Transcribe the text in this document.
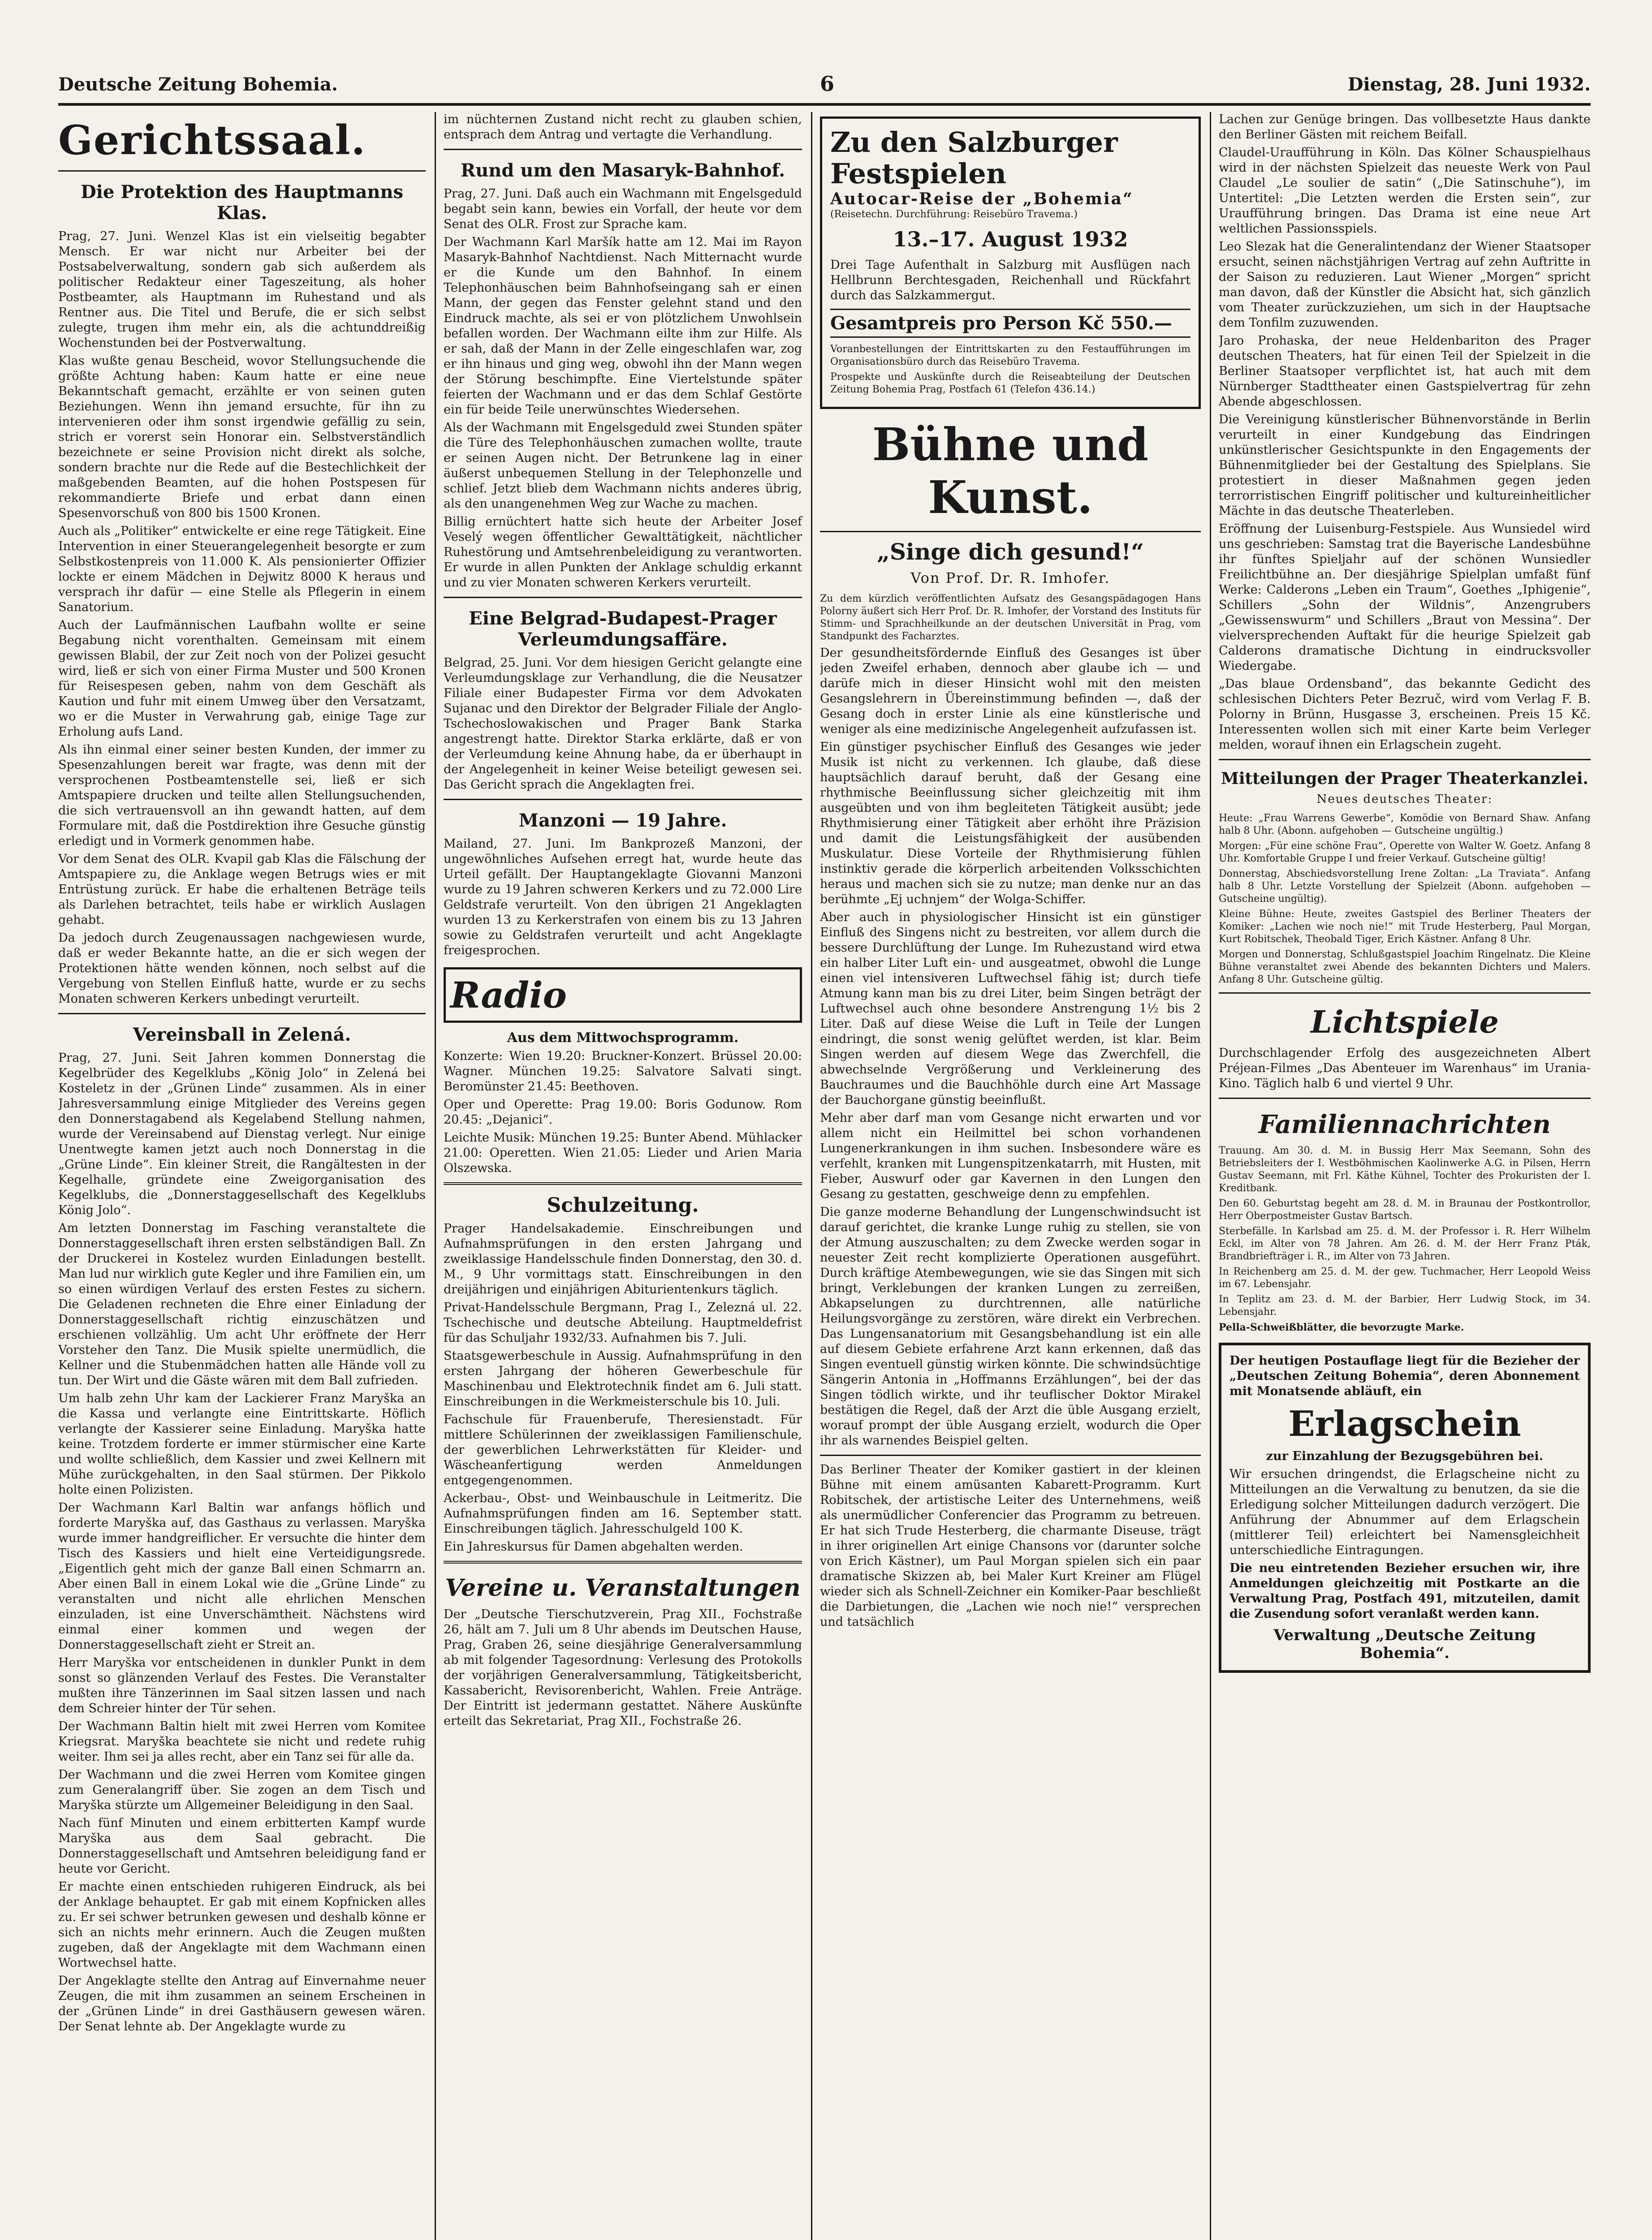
Deutsche Zeitung Bohemia.	6	Dienstag, 28. Juni 1932.
Gerichtssaal.
Die Protektion des Hauptmanns Klas.

Prag, 27. Juni. Wenzel Klas ist ein vielseitig begabter Mensch. Er war nicht nur Arbeiter bei der Postsabelverwaltung, sondern gab sich außerdem als politischer Redakteur einer Tageszeitung, als hoher Postbeamter, als Hauptmann im Ruhestand und als Rentner aus. Die Titel und Berufe, die er sich selbst zulegte, trugen ihm mehr ein, als die achtunddreißig Wochenstunden bei der Postverwaltung.

Klas wußte genau Bescheid, wovor Stellungsuchende die größte Achtung haben: Kaum hatte er eine neue Bekanntschaft gemacht, erzählte er von seinen guten Beziehungen. Wenn ihn jemand ersuchte, für ihn zu intervenieren oder ihm sonst irgendwie gefällig zu sein, strich er vorerst sein Honorar ein. Selbstverständlich bezeichnete er seine Provision nicht direkt als solche, sondern brachte nur die Rede auf die Bestechlichkeit der maßgebenden Beamten, auf die hohen Postspesen für rekommandierte Briefe und erbat dann einen Spesenvorschuß von 800 bis 1500 Kronen.

Auch als „Politiker“ entwickelte er eine rege Tätigkeit. Eine Intervention in einer Steuerangelegenheit besorgte er zum Selbstkostenpreis von 11.000 K. Als pensionierter Offizier lockte er einem Mädchen in Dejwitz 8000 K heraus und versprach ihr dafür — eine Stelle als Pflegerin in einem Sanatorium.

Auch der Laufmännischen Laufbahn wollte er seine Begabung nicht vorenthalten. Gemeinsam mit einem gewissen Blabil, der zur Zeit noch von der Polizei gesucht wird, ließ er sich von einer Firma Muster und 500 Kronen für Reisespesen geben, nahm von dem Geschäft als Kaution und fuhr mit einem Umweg über den Versatzamt, wo er die Muster in Verwahrung gab, einige Tage zur Erholung aufs Land.

Als ihn einmal einer seiner besten Kunden, der immer zu Spesenzahlungen bereit war fragte, was denn mit der versprochenen Postbeamtenstelle sei, ließ er sich Amtspapiere drucken und teilte allen Stellungsuchenden, die sich vertrauensvoll an ihn gewandt hatten, auf dem Formulare mit, daß die Postdirektion ihre Gesuche günstig erledigt und in Vormerk genommen habe.

Vor dem Senat des OLR. Kvapil gab Klas die Fälschung der Amtspapiere zu, die Anklage wegen Betrugs wies er mit Entrüstung zurück. Er habe die erhaltenen Beträge teils als Darlehen betrachtet, teils habe er wirklich Auslagen gehabt.

Da jedoch durch Zeugenaussagen nachgewiesen wurde, daß er weder Bekannte hatte, an die er sich wegen der Protektionen hätte wenden können, noch selbst auf die Vergebung von Stellen Einfluß hatte, wurde er zu sechs Monaten schweren Kerkers unbedingt verurteilt.

Vereinsball in Zelená.

Prag, 27. Juni. Seit Jahren kommen Donnerstag die Kegelbrüder des Kegelklubs „König Jolo“ in Zelená bei Kosteletz in der „Grünen Linde“ zusammen. Als in einer Jahresversammlung einige Mitglieder des Vereins gegen den Donnerstagabend als Kegelabend Stellung nahmen, wurde der Vereinsabend auf Dienstag verlegt. Nur einige Unentwegte kamen jetzt auch noch Donnerstag in die „Grüne Linde“. Ein kleiner Streit, die Rangältesten in der Kegelhalle, gründete eine Zweigorganisation des Kegelklubs, die „Donnerstaggesellschaft des Kegelklubs König Jolo“.

Am letzten Donnerstag im Fasching veranstaltete die Donnerstaggesellschaft ihren ersten selbständigen Ball. Zn der Druckerei in Kostelez wurden Einladungen bestellt. Man lud nur wirklich gute Kegler und ihre Familien ein, um so einen würdigen Verlauf des ersten Festes zu sichern. Die Geladenen rechneten die Ehre einer Einladung der Donnerstaggesellschaft richtig einzuschätzen und erschienen vollzählig. Um acht Uhr eröffnete der Herr Vorsteher den Tanz. Die Musik spielte unermüdlich, die Kellner und die Stubenmädchen hatten alle Hände voll zu tun. Der Wirt und die Gäste wären mit dem Ball zufrieden.

Um halb zehn Uhr kam der Lackierer Franz Maryška an die Kassa und verlangte eine Eintrittskarte. Höflich verlangte der Kassierer seine Einladung. Maryška hatte keine. Trotzdem forderte er immer stürmischer eine Karte und wollte schließlich, dem Kassier und zwei Kellnern mit Mühe zurückgehalten, in den Saal stürmen. Der Pikkolo holte einen Polizisten.

Der Wachmann Karl Baltin war anfangs höflich und forderte Maryška auf, das Gasthaus zu verlassen. Maryška wurde immer handgreiflicher. Er versuchte die hinter dem Tisch des Kassiers und hielt eine Verteidigungsrede. „Eigentlich geht mich der ganze Ball einen Schmarrn an. Aber einen Ball in einem Lokal wie die „Grüne Linde“ zu veranstalten und nicht alle ehrlichen Menschen einzuladen, ist eine Unverschämtheit. Nächstens wird einmal einer kommen und wegen der Donnerstaggesellschaft zieht er Streit an.

Herr Maryška vor entscheidenen in dunkler Punkt in dem sonst so glänzenden Verlauf des Festes. Die Veranstalter mußten ihre Tänzerinnen im Saal sitzen lassen und nach dem Schreier hinter der Tür sehen.

Der Wachmann Baltin hielt mit zwei Herren vom Komitee Kriegsrat. Maryška beachtete sie nicht und redete ruhig weiter. Ihm sei ja alles recht, aber ein Tanz sei für alle da.

Der Wachmann und die zwei Herren vom Komitee gingen zum Generalangriff über. Sie zogen an dem Tisch und Maryška stürzte um Allgemeiner Beleidigung in den Saal.

Nach fünf Minuten und einem erbitterten Kampf wurde Maryška aus dem Saal gebracht. Die Donnerstaggesellschaft und Amtsehren beleidigung fand er heute vor Gericht.

Er machte einen entschieden ruhigeren Eindruck, als bei der Anklage behauptet. Er gab mit einem Kopfnicken alles zu. Er sei schwer betrunken gewesen und deshalb könne er sich an nichts mehr erinnern. Auch die Zeugen mußten zugeben, daß der Angeklagte mit dem Wachmann einen Wortwechsel hatte.

Der Angeklagte stellte den Antrag auf Einvernahme neuer Zeugen, die mit ihm zusammen an seinem Erscheinen in der „Grünen Linde“ in drei Gasthäusern gewesen wären. Der Senat lehnte ab. Der Angeklagte wurde zu

im nüchternen Zustand nicht recht zu glauben schien, entsprach dem Antrag und vertagte die Verhandlung.

Rund um den Masaryk-Bahnhof.

Prag, 27. Juni. Daß auch ein Wachmann mit Engelsgeduld begabt sein kann, bewies ein Vorfall, der heute vor dem Senat des OLR. Frost zur Sprache kam.

Der Wachmann Karl Maršík hatte am 12. Mai im Rayon Masaryk-Bahnhof Nachtdienst. Nach Mitternacht wurde er die Kunde um den Bahnhof. In einem Telephonhäuschen beim Bahnhofseingang sah er einen Mann, der gegen das Fenster gelehnt stand und den Eindruck machte, als sei er von plötzlichem Unwohlsein befallen worden. Der Wachmann eilte ihm zur Hilfe. Als er sah, daß der Mann in der Zelle eingeschlafen war, zog er ihn hinaus und ging weg, obwohl ihn der Mann wegen der Störung beschimpfte. Eine Viertelstunde später feierten der Wachmann und er das dem Schlaf Gestörte ein für beide Teile unerwünschtes Wiedersehen.

Als der Wachmann mit Engelsgeduld zwei Stunden später die Türe des Telephonhäuschen zumachen wollte, traute er seinen Augen nicht. Der Betrunkene lag in einer äußerst unbequemen Stellung in der Telephonzelle und schlief. Jetzt blieb dem Wachmann nichts anderes übrig, als den unangenehmen Weg zur Wache zu machen.

Billig ernüchtert hatte sich heute der Arbeiter Josef Veselý wegen öffentlicher Gewalttätigkeit, nächtlicher Ruhestörung und Amtsehrenbeleidigung zu verantworten. Er wurde in allen Punkten der Anklage schuldig erkannt und zu vier Monaten schweren Kerkers verurteilt.

Eine Belgrad-Budapest-Prager Verleumdungsaffäre.

Belgrad, 25. Juni. Vor dem hiesigen Gericht gelangte eine Verleumdungsklage zur Verhandlung, die die Neusatzer Filiale einer Budapester Firma vor dem Advokaten Sujanac und den Direktor der Belgrader Filiale der Anglo-Tschechoslowakischen und Prager Bank Starka angestrengt hatte. Direktor Starka erklärte, daß er von der Verleumdung keine Ahnung habe, da er überhaupt in der Angelegenheit in keiner Weise beteiligt gewesen sei. Das Gericht sprach die Angeklagten frei.

Manzoni — 19 Jahre.

Mailand, 27. Juni. Im Bankprozeß Manzoni, der ungewöhnliches Aufsehen erregt hat, wurde heute das Urteil gefällt. Der Hauptangeklagte Giovanni Manzoni wurde zu 19 Jahren schweren Kerkers und zu 72.000 Lire Geldstrafe verurteilt. Von den übrigen 21 Angeklagten wurden 13 zu Kerkerstrafen von einem bis zu 13 Jahren sowie zu Geldstrafen verurteilt und acht Angeklagte freigesprochen.

Radio
Aus dem Mittwochsprogramm.

Konzerte: Wien 19.20: Bruckner-Konzert. Brüssel 20.00: Wagner. München 19.25: Salvatore Salvati singt. Beromünster 21.45: Beethoven.

Oper und Operette: Prag 19.00: Boris Godunow. Rom 20.45: „Dejanici“.

Leichte Musik: München 19.25: Bunter Abend. Mühlacker 21.00: Operetten. Wien 21.05: Lieder und Arien Maria Olszewska.

Schulzeitung.

Prager Handelsakademie. Einschreibungen und Aufnahmsprüfungen in den ersten Jahrgang und zweiklassige Handelsschule finden Donnerstag, den 30. d. M., 9 Uhr vormittags statt. Einschreibungen in den dreijährigen und einjährigen Abiturientenkurs täglich.

Privat-Handelsschule Bergmann, Prag I., Zelezná ul. 22. Tschechische und deutsche Abteilung. Hauptmeldefrist für das Schuljahr 1932/33. Aufnahmen bis 7. Juli.

Staatsgewerbeschule in Aussig. Aufnahmsprüfung in den ersten Jahrgang der höheren Gewerbeschule für Maschinenbau und Elektrotechnik findet am 6. Juli statt. Einschreibungen in die Werkmeisterschule bis 10. Juli.

Fachschule für Frauenberufe, Theresienstadt. Für mittlere Schülerinnen der zweiklassigen Familienschule, der gewerblichen Lehrwerkstätten für Kleider- und Wäscheanfertigung werden Anmeldungen entgegengenommen.

Ackerbau-, Obst- und Weinbauschule in Leitmeritz. Die Aufnahmsprüfungen finden am 16. September statt. Einschreibungen täglich. Jahresschulgeld 100 K.

Ein Jahreskursus für Damen abgehalten werden.

Vereine u. Veranstaltungen

Der „Deutsche Tierschutzverein, Prag XII., Fochstraße 26, hält am 7. Juli um 8 Uhr abends im Deutschen Hause, Prag, Graben 26, seine diesjährige Generalversammlung ab mit folgender Tagesordnung: Verlesung des Protokolls der vorjährigen Generalversammlung, Tätigkeitsbericht, Kassabericht, Revisorenbericht, Wahlen. Freie Anträge. Der Eintritt ist jedermann gestattet. Nähere Auskünfte erteilt das Sekretariat, Prag XII., Fochstraße 26.

Zu den Salzburger Festspielen
Autocar-Reise der „Bohemia“
(Reisetechn. Durchführung: Reisebüro Travema.)
13.–17. August 1932

Drei Tage Aufenthalt in Salzburg mit Ausflügen nach Hellbrunn Berchtesgaden, Reichenhall und Rückfahrt durch das Salzkammergut.

Gesamtpreis pro Person Kč 550.—

Voranbestellungen der Eintrittskarten zu den Festaufführungen im Organisationsbüro durch das Reisebüro Travema.

Prospekte und Auskünfte durch die Reiseabteilung der Deutschen Zeitung Bohemia Prag, Postfach 61 (Telefon 436.14.)

Bühne und Kunst.
„Singe dich gesund!“
Von Prof. Dr. R. Imhofer.

Zu dem kürzlich veröffentlichten Aufsatz des Gesangspädagogen Hans Polorny äußert sich Herr Prof. Dr. R. Imhofer, der Vorstand des Instituts für Stimm- und Sprachheilkunde an der deutschen Universität in Prag, vom Standpunkt des Facharztes.

Der gesundheitsfördernde Einfluß des Gesanges ist über jeden Zweifel erhaben, dennoch aber glaube ich — und darüfe mich in dieser Hinsicht wohl mit den meisten Gesangslehrern in Übereinstimmung befinden —, daß der Gesang doch in erster Linie als eine künstlerische und weniger als eine medizinische Angelegenheit aufzufassen ist.

Ein günstiger psychischer Einfluß des Gesanges wie jeder Musik ist nicht zu verkennen. Ich glaube, daß diese hauptsächlich darauf beruht, daß der Gesang eine rhythmische Beeinflussung sicher gleichzeitig mit ihm ausgeübten und von ihm begleiteten Tätigkeit ausübt; jede Rhythmisierung einer Tätigkeit aber erhöht ihre Präzision und damit die Leistungsfähigkeit der ausübenden Muskulatur. Diese Vorteile der Rhythmisierung fühlen instinktiv gerade die körperlich arbeitenden Volksschichten heraus und machen sich sie zu nutze; man denke nur an das berühmte „Ej uchnjem“ der Wolga-Schiffer.

Aber auch in physiologischer Hinsicht ist ein günstiger Einfluß des Singens nicht zu bestreiten, vor allem durch die bessere Durchlüftung der Lunge. Im Ruhezustand wird etwa ein halber Liter Luft ein- und ausgeatmet, obwohl die Lunge einen viel intensiveren Luftwechsel fähig ist; durch tiefe Atmung kann man bis zu drei Liter, beim Singen beträgt der Luftwechsel auch ohne besondere Anstrengung 1½ bis 2 Liter. Daß auf diese Weise die Luft in Teile der Lungen eindringt, die sonst wenig gelüftet werden, ist klar. Beim Singen werden auf diesem Wege das Zwerchfell, die abwechselnde Vergrößerung und Verkleinerung des Bauchraumes und die Bauchhöhle durch eine Art Massage der Bauchorgane günstig beeinflußt.

Mehr aber darf man vom Gesange nicht erwarten und vor allem nicht ein Heilmittel bei schon vorhandenen Lungenerkrankungen in ihm suchen. Insbesondere wäre es verfehlt, kranken mit Lungenspitzenkatarrh, mit Husten, mit Fieber, Auswurf oder gar Kavernen in den Lungen den Gesang zu gestatten, geschweige denn zu empfehlen.

Die ganze moderne Behandlung der Lungenschwindsucht ist darauf gerichtet, die kranke Lunge ruhig zu stellen, sie von der Atmung auszuschalten; zu dem Zwecke werden sogar in neuester Zeit recht komplizierte Operationen ausgeführt. Durch kräftige Atembewegungen, wie sie das Singen mit sich bringt, Verklebungen der kranken Lungen zu zerreißen, Abkapselungen zu durchtrennen, alle natürliche Heilungsvorgänge zu zerstören, wäre direkt ein Verbrechen. Das Lungensanatorium mit Gesangsbehandlung ist ein alle auf diesem Gebiete erfahrene Arzt kann erkennen, daß das Singen eventuell günstig wirken könnte. Die schwindsüchtige Sängerin Antonia in „Hoffmanns Erzählungen“, bei der das Singen tödlich wirkte, und ihr teuflischer Doktor Mirakel bestätigen die Regel, daß der Arzt die üble Ausgang erzielt, worauf prompt der üble Ausgang erzielt, wodurch die Oper ihr als warnendes Beispiel gelten.

Das Berliner Theater der Komiker gastiert in der kleinen Bühne mit einem amüsanten Kabarett-Programm. Kurt Robitschek, der artistische Leiter des Unternehmens, weiß als unermüdlicher Conferencier das Programm zu betreuen. Er hat sich Trude Hesterberg, die charmante Diseuse, trägt in ihrer originellen Art einige Chansons vor (darunter solche von Erich Kästner), um Paul Morgan spielen sich ein paar dramatische Skizzen ab, bei Maler Kurt Kreiner am Flügel wieder sich als Schnell-Zeichner ein Komiker-Paar beschließt die Darbietungen, die „Lachen wie noch nie!“ versprechen und tatsächlich

Lachen zur Genüge bringen. Das vollbesetzte Haus dankte den Berliner Gästen mit reichem Beifall.

Claudel-Uraufführung in Köln. Das Kölner Schauspielhaus wird in der nächsten Spielzeit das neueste Werk von Paul Claudel „Le soulier de satin“ („Die Satinschuhe“), im Untertitel: „Die Letzten werden die Ersten sein“, zur Uraufführung bringen. Das Drama ist eine neue Art weltlichen Passionsspiels.

Leo Slezak hat die Generalintendanz der Wiener Staatsoper ersucht, seinen nächstjährigen Vertrag auf zehn Auftritte in der Saison zu reduzieren. Laut Wiener „Morgen“ spricht man davon, daß der Künstler die Absicht hat, sich gänzlich vom Theater zurückzuziehen, um sich in der Hauptsache dem Tonfilm zuzuwenden.

Jaro Prohaska, der neue Heldenbariton des Prager deutschen Theaters, hat für einen Teil der Spielzeit in die Berliner Staatsoper verpflichtet ist, hat auch mit dem Nürnberger Stadttheater einen Gastspielvertrag für zehn Abende abgeschlossen.

Die Vereinigung künstlerischer Bühnenvorstände in Berlin verurteilt in einer Kundgebung das Eindringen unkünstlerischer Gesichtspunkte in den Engagements der Bühnenmitglieder bei der Gestaltung des Spielplans. Sie protestiert in dieser Maßnahmen gegen jeden terrorristischen Eingriff politischer und kultureinheitlicher Mächte in das deutsche Theaterleben.

Eröffnung der Luisenburg-Festspiele. Aus Wunsiedel wird uns geschrieben: Samstag trat die Bayerische Landesbühne ihr fünftes Spieljahr auf der schönen Wunsiedler Freilichtbühne an. Der diesjährige Spielplan umfaßt fünf Werke: Calderons „Leben ein Traum“, Goethes „Iphigenie“, Schillers „Sohn der Wildnis“, Anzengrubers „Gewissenswurm“ und Schillers „Braut von Messina“. Der vielversprechenden Auftakt für die heurige Spielzeit gab Calderons dramatische Dichtung in eindrucksvoller Wiedergabe.

„Das blaue Ordensband“, das bekannte Gedicht des schlesischen Dichters Peter Bezruč, wird vom Verlag F. B. Polorny in Brünn, Husgasse 3, erscheinen. Preis 15 Kč. Interessenten wollen sich mit einer Karte beim Verleger melden, worauf ihnen ein Erlagschein zugeht.

Mitteilungen der Prager Theaterkanzlei.
Neues deutsches Theater:

Heute: „Frau Warrens Gewerbe“, Komödie von Bernard Shaw. Anfang halb 8 Uhr. (Abonn. aufgehoben — Gutscheine ungültig.)

Morgen: „Für eine schöne Frau“, Operette von Walter W. Goetz. Anfang 8 Uhr. Komfortable Gruppe I und freier Verkauf. Gutscheine gültig!

Donnerstag, Abschiedsvorstellung Irene Zoltan: „La Traviata“. Anfang halb 8 Uhr. Letzte Vorstellung der Spielzeit (Abonn. aufgehoben — Gutscheine ungültig).

Kleine Bühne: Heute, zweites Gastspiel des Berliner Theaters der Komiker: „Lachen wie noch nie!“ mit Trude Hesterberg, Paul Morgan, Kurt Robitschek, Theobald Tiger, Erich Kästner. Anfang 8 Uhr.

Morgen und Donnerstag, Schlußgastspiel Joachim Ringelnatz. Die Kleine Bühne veranstaltet zwei Abende des bekannten Dichters und Malers. Anfang 8 Uhr. Gutscheine gültig.

Lichtspiele

Durchschlagender Erfolg des ausgezeichneten Albert Préjean-Filmes „Das Abenteuer im Warenhaus“ im Urania-Kino. Täglich halb 6 und viertel 9 Uhr.

Familiennachrichten

Trauung. Am 30. d. M. in Bussig Herr Max Seemann, Sohn des Betriebsleiters der I. Westböhmischen Kaolinwerke A.G. in Pilsen, Herrn Gustav Seemann, mit Frl. Käthe Kühnel, Tochter des Prokuristen der I. Kreditbank.

Den 60. Geburtstag begeht am 28. d. M. in Braunau der Postkontrollor, Herr Oberpostmeister Gustav Bartsch.

Sterbefälle. In Karlsbad am 25. d. M. der Professor i. R. Herr Wilhelm Eckl, im Alter von 78 Jahren. Am 26. d. M. der Herr Franz Pták, Brandbriefträger i. R., im Alter von 73 Jahren.

In Reichenberg am 25. d. M. der gew. Tuchmacher, Herr Leopold Weiss im 67. Lebensjahr.

In Teplitz am 23. d. M. der Barbier, Herr Ludwig Stock, im 34. Lebensjahr.

Pella-Schweißblätter, die bevorzugte Marke.

Der heutigen Postauflage liegt für die Bezieher der „Deutschen Zeitung Bohemia“, deren Abonnement mit Monatsende abläuft, ein

Erlagschein

zur Einzahlung der Bezugsgebühren bei.

Wir ersuchen dringendst, die Erlagscheine nicht zu Mitteilungen an die Verwaltung zu benutzen, da sie die Erledigung solcher Mitteilungen dadurch verzögert. Die Anführung der Abnummer auf dem Erlagschein (mittlerer Teil) erleichtert bei Namensgleichheit unterschiedliche Eintragungen.

Die neu eintretenden Bezieher ersuchen wir, ihre Anmeldungen gleichzeitig mit Postkarte an die Verwaltung Prag, Postfach 491, mitzuteilen, damit die Zusendung sofort veranlaßt werden kann.

Verwaltung „Deutsche Zeitung Bohemia“.
